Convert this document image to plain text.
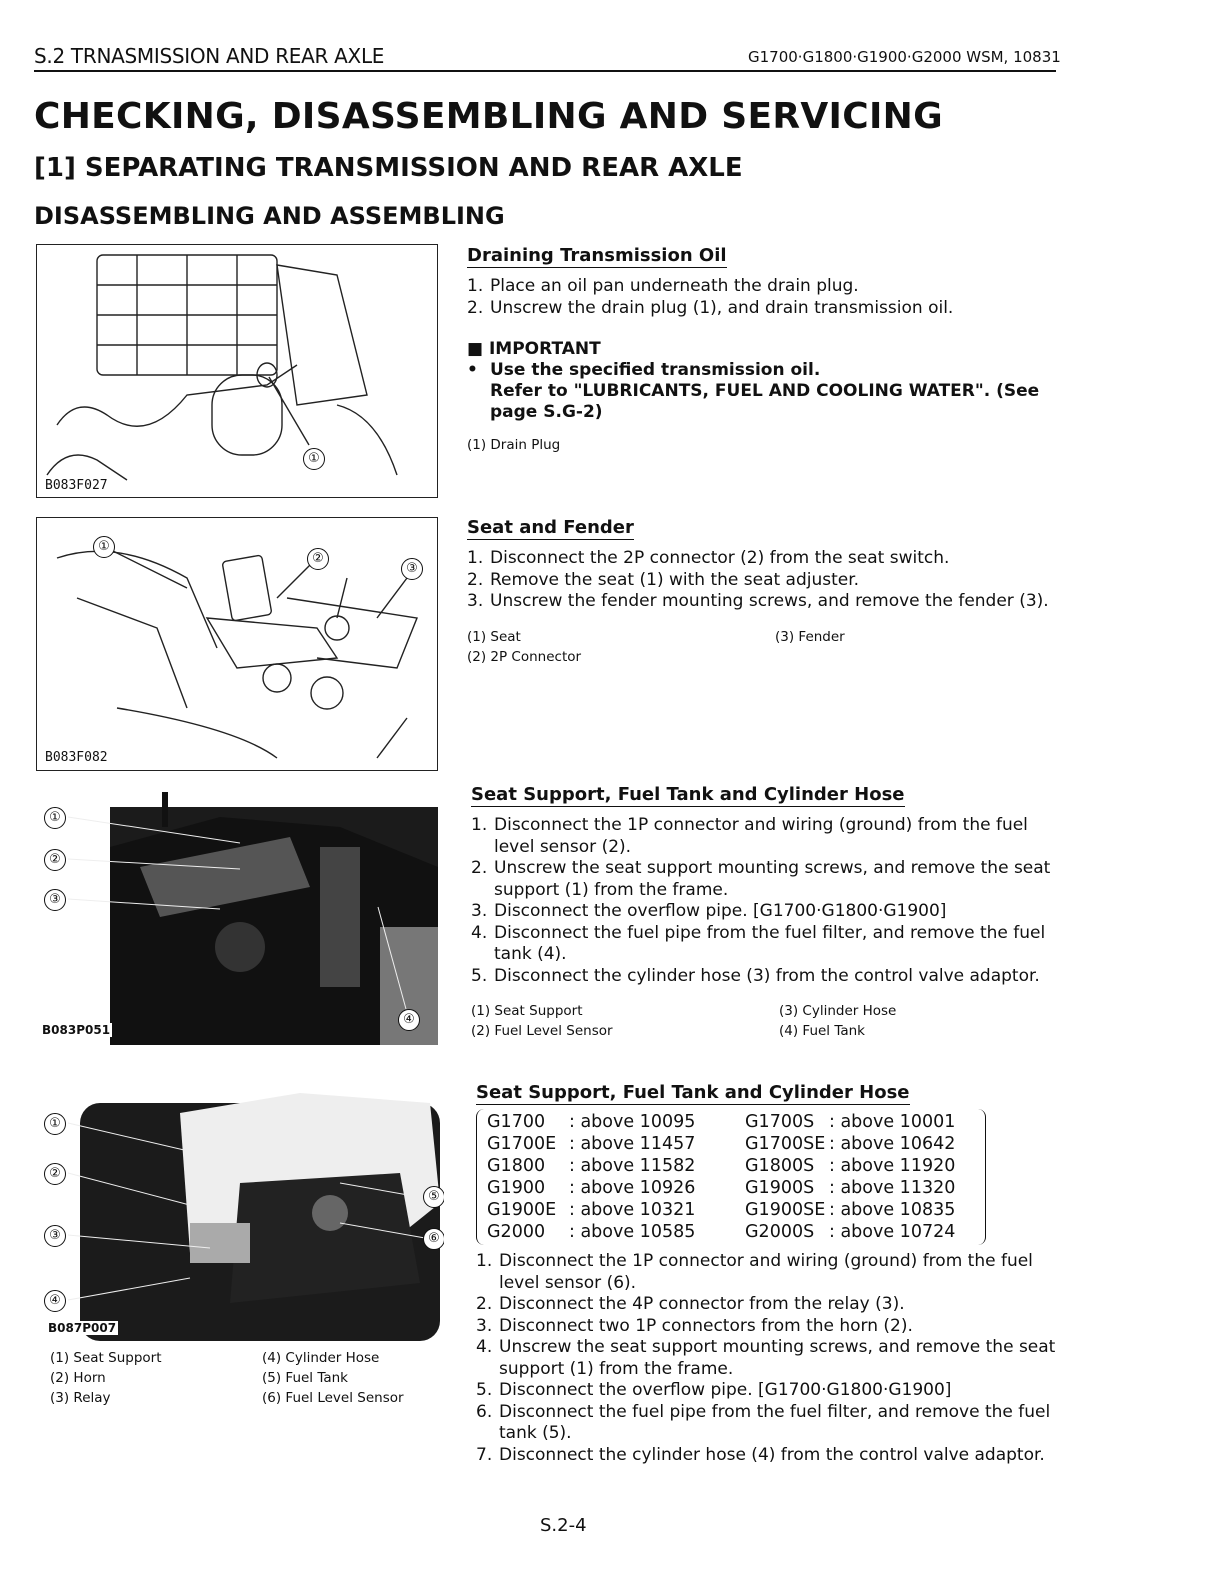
S.2 TRNASMISSION AND REAR AXLE	G1700·G1800·G1900·G2000 WSM, 10831
CHECKING, DISASSEMBLING AND SERVICING
[1] SEPARATING TRANSMISSION AND REAR AXLE
DISASSEMBLING AND ASSEMBLING
①
B083F027
①
②
③
B083F082
①
②
③
④
B083P051
①
②
③
④
⑤
⑥
B087P007
(1) Seat Support	(4) Cylinder Hose
(2) Horn	(5) Fuel Tank
(3) Relay	(6) Fuel Level Sensor
Draining Transmission Oil
1. Place an oil pan underneath the drain plug.
2. Unscrew the drain plug (1), and drain transmission oil.
■ IMPORTANT
• Use the specified transmission oil.
Refer to "LUBRICANTS, FUEL AND COOLING WATER". (See page S.G-2)
(1) Drain Plug
Seat and Fender
1. Disconnect the 2P connector (2) from the seat switch.
2. Remove the seat (1) with the seat adjuster.
3. Unscrew the fender mounting screws, and remove the fender (3).
(1) Seat	(3) Fender
(2) 2P Connector	
Seat Support, Fuel Tank and Cylinder Hose
1. Disconnect the 1P connector and wiring (ground) from the fuel level sensor (2).
2. Unscrew the seat support mounting screws, and remove the seat support (1) from the frame.
3. Disconnect the overflow pipe. [G1700·G1800·G1900]
4. Disconnect the fuel pipe from the fuel filter, and remove the fuel tank (4).
5. Disconnect the cylinder hose (3) from the control valve adaptor.
(1) Seat Support	(3) Cylinder Hose
(2) Fuel Level Sensor	(4) Fuel Tank
Seat Support, Fuel Tank and Cylinder Hose
G1700	: above 10095	G1700S	: above 10001
G1700E	: above 11457	G1700SE	: above 10642
G1800	: above 11582	G1800S	: above 11920
G1900	: above 10926	G1900S	: above 11320
G1900E	: above 10321	G1900SE	: above 10835
G2000	: above 10585	G2000S	: above 10724
1. Disconnect the 1P connector and wiring (ground) from the fuel level sensor (6).
2. Disconnect the 4P connector from the relay (3).
3. Disconnect two 1P connectors from the horn (2).
4. Unscrew the seat support mounting screws, and remove the seat support (1) from the frame.
5. Disconnect the overflow pipe. [G1700·G1800·G1900]
6. Disconnect the fuel pipe from the fuel filter, and remove the fuel tank (5).
7. Disconnect the cylinder hose (4) from the control valve adaptor.
S.2-4
